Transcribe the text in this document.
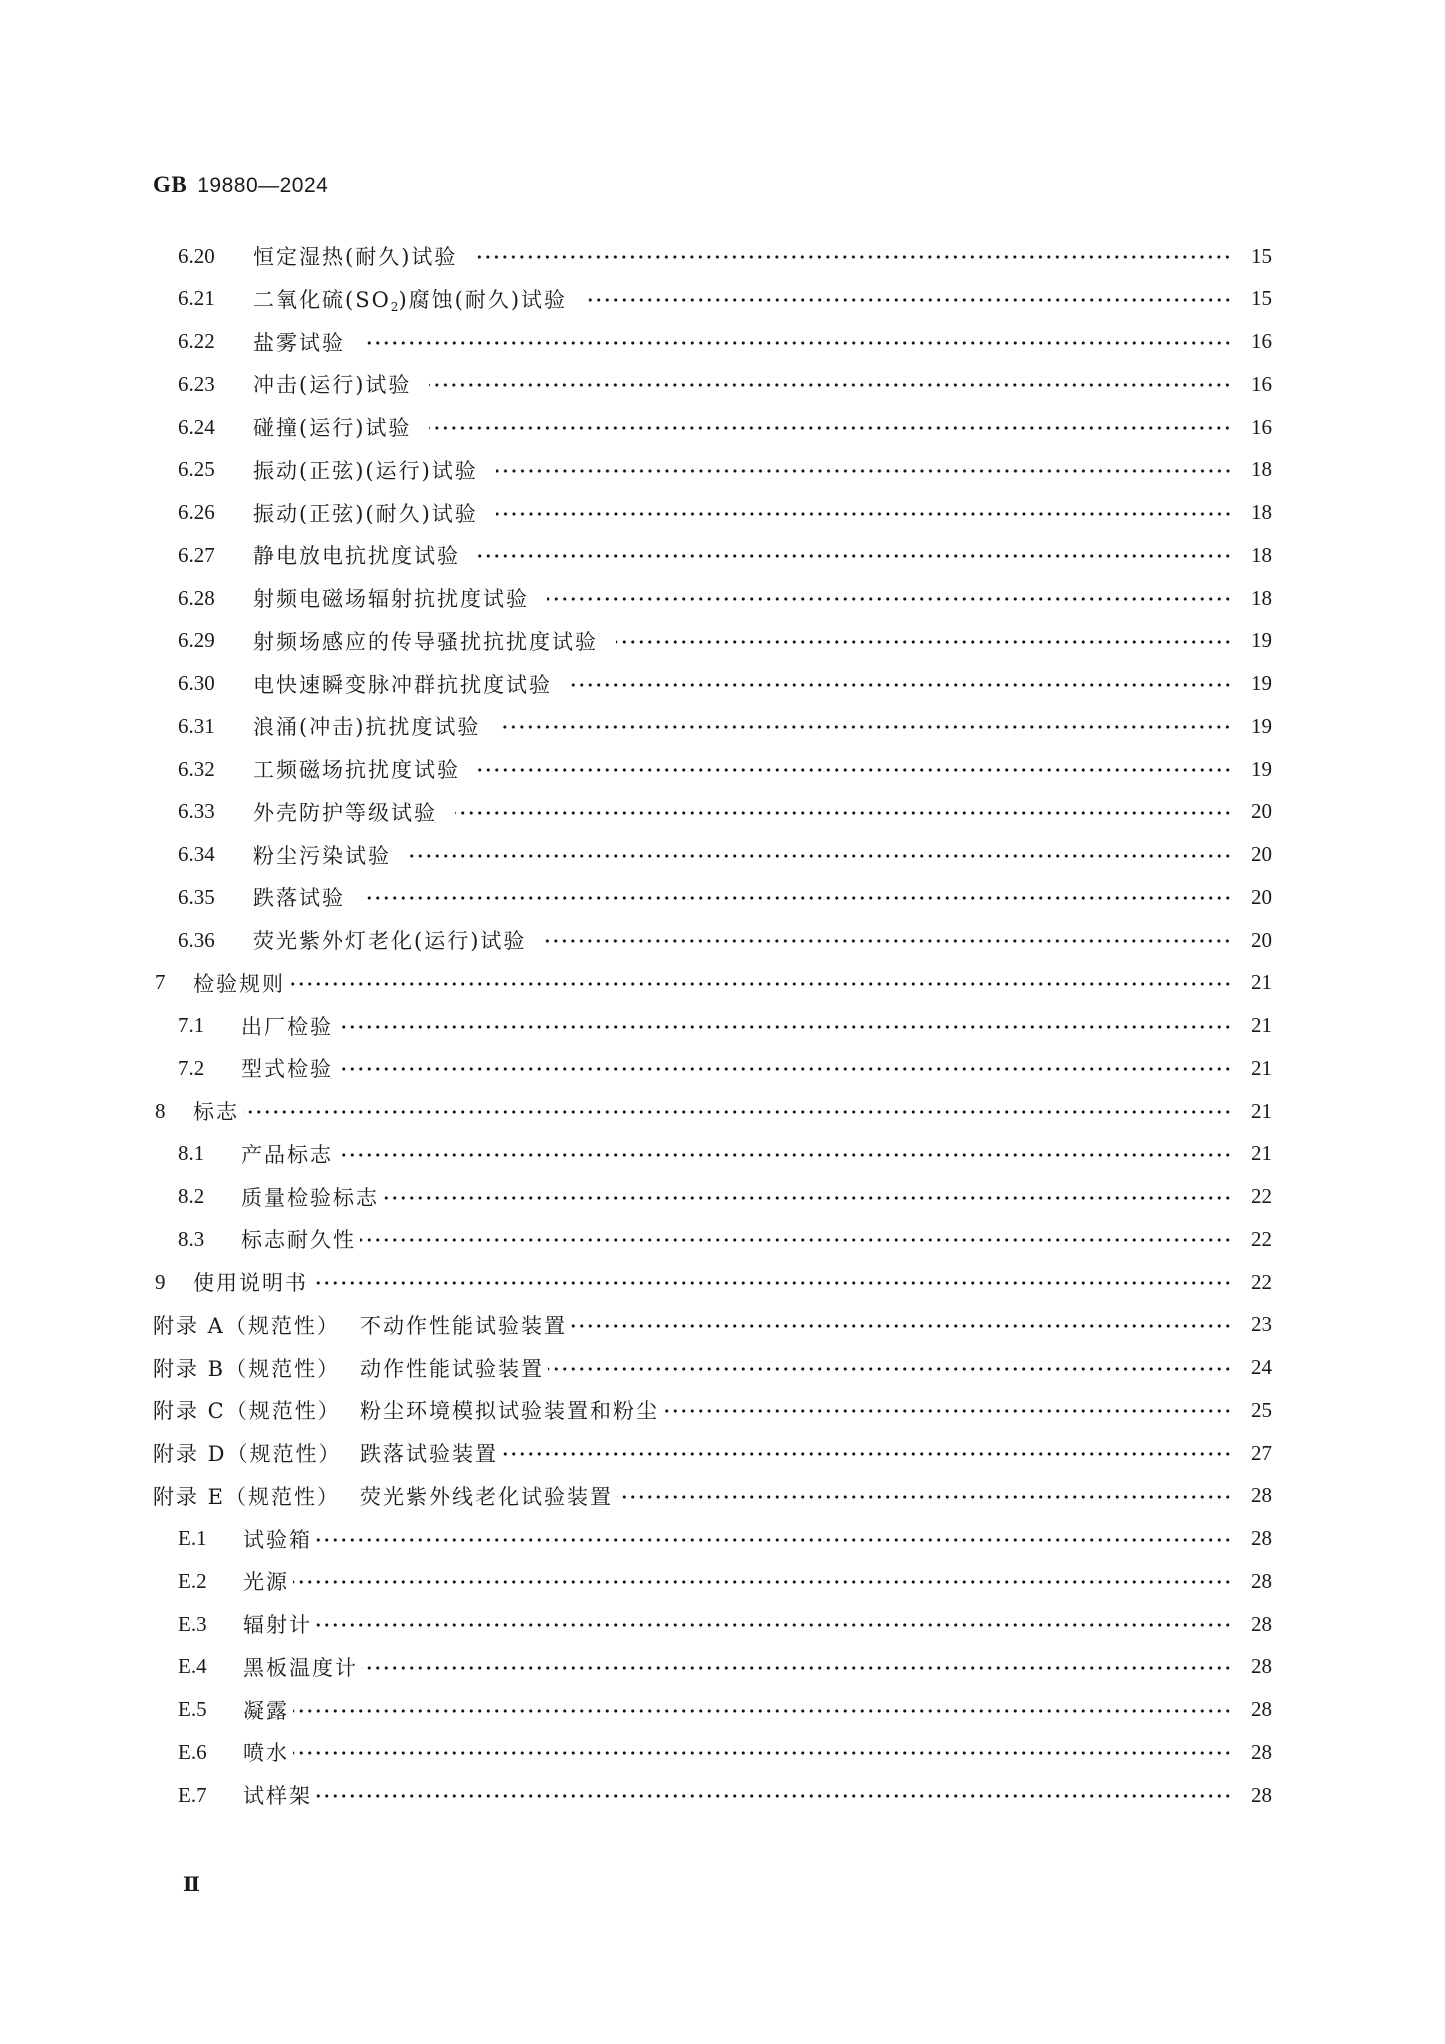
GB 19880—2024
6.20 恒定湿热(耐久)试验	15
6.21 二氧化硫$(SO_2)$腐蚀(耐久)试验	15
6.22 盐雾试验	16
6.23 冲击(运行)试验	16
6.24 碰撞(运行)试验	16
6.25 振动(正弦)(运行)试验	18
6.26 振动(正弦)(耐久)试验	18
6.27 静电放电抗扰度试验	18
6.28 射频电磁场辐射抗扰度试验	18
6.29 射频场感应的传导骚扰抗扰度试验	19
6.30 电快速瞬变脉冲群抗扰度试验	19
6.31 浪涌(冲击)抗扰度试验	19
6.32 工频磁场抗扰度试验	19
6.33 外壳防护等级试验	20
6.34 粉尘污染试验	20
6.35 跌落试验	20
6.36 荧光紫外灯老化(运行)试验	20
7 检验规则	21
7.1 出厂检验	21
7.2 型式检验	21
8 标志	21
8.1 产品标志	21
8.2 质量检验标志	22
8.3 标志耐久性	22
9 使用说明书	22
附录 A（规范性） 不动作性能试验装置	23
附录 B（规范性） 动作性能试验装置	24
附录 C（规范性） 粉尘环境模拟试验装置和粉尘	25
附录 D（规范性） 跌落试验装置	27
附录 E（规范性） 荧光紫外线老化试验装置	28
E.1 试验箱	28
E.2 光源	28
E.3 辐射计	28
E.4 黑板温度计	28
E.5 凝露	28
E.6 喷水	28
E.7 试样架	28
Ⅱ
